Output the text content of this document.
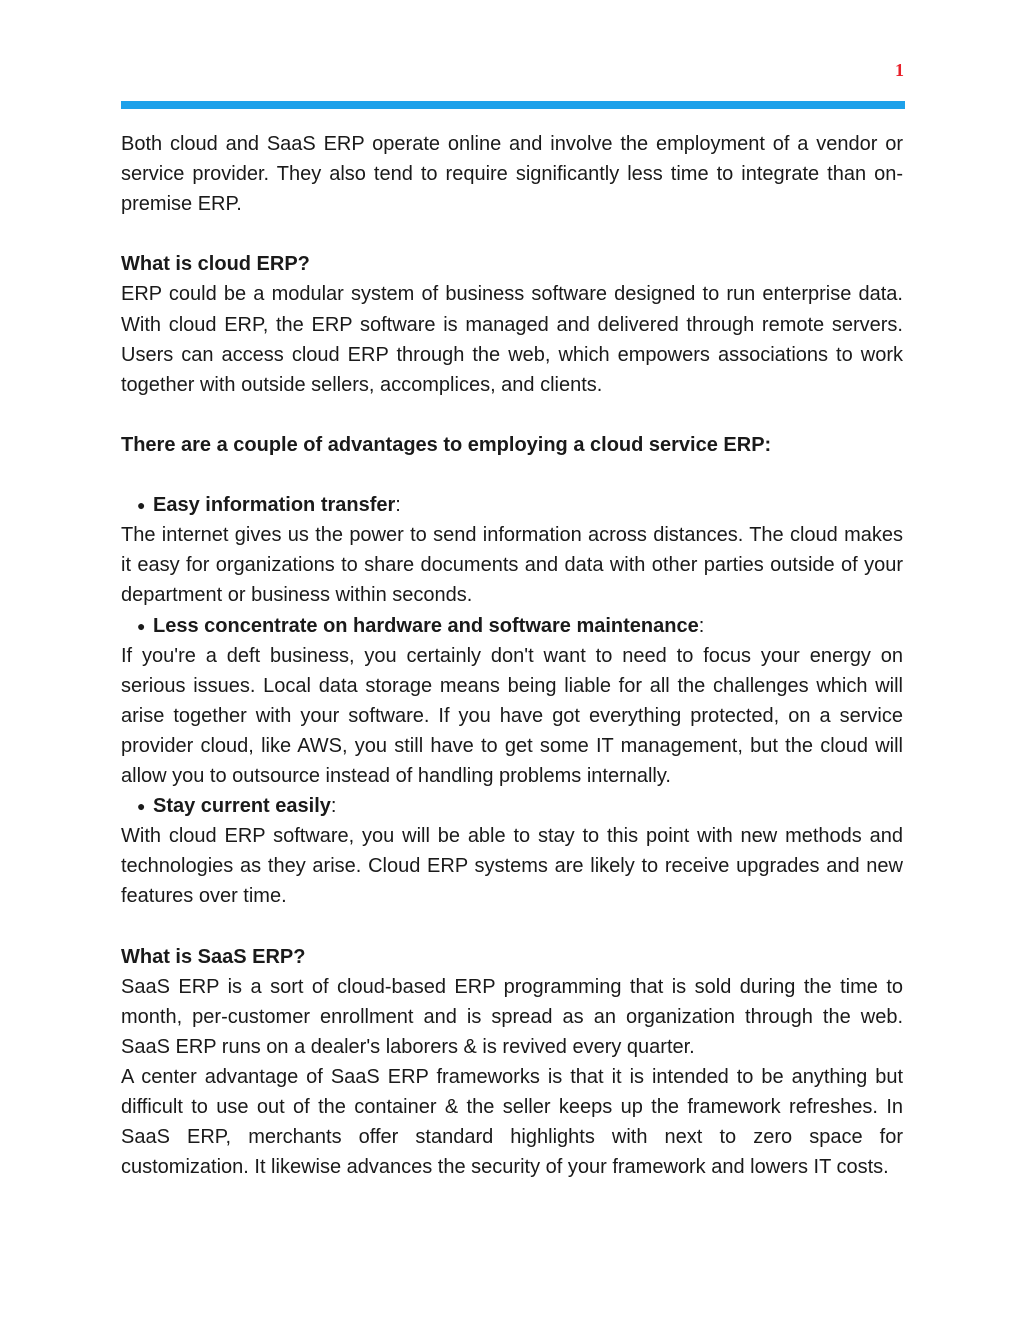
1

Both cloud and SaaS ERP operate online and involve the employment of a vendor or service provider. They also tend to require significantly less time to integrate than on-premise ERP.

What is cloud ERP?

ERP could be a modular system of business software designed to run enterprise data. With cloud ERP, the ERP software is managed and delivered through remote servers. Users can access cloud ERP through the web, which empowers associations to work together with outside sellers, accomplices, and clients.

There are a couple of advantages to employing a cloud service ERP:

● Easy information transfer:

The internet gives us the power to send information across distances. The cloud makes it easy for organizations to share documents and data with other parties outside of your department or business within seconds.

● Less concentrate on hardware and software maintenance:

If you're a deft business, you certainly don't want to need to focus your energy on serious issues. Local data storage means being liable for all the challenges which will arise together with your software. If you have got everything protected, on a service provider cloud, like AWS, you still have to get some IT management, but the cloud will allow you to outsource instead of handling problems internally.

● Stay current easily:

With cloud ERP software, you will be able to stay to this point with new methods and technologies as they arise. Cloud ERP systems are likely to receive upgrades and new features over time.

What is SaaS ERP?

SaaS ERP is a sort of cloud-based ERP programming that is sold during the time to month, per-customer enrollment and is spread as an organization through the web. SaaS ERP runs on a dealer's laborers & is revived every quarter.

A center advantage of SaaS ERP frameworks is that it is intended to be anything but difficult to use out of the container & the seller keeps up the framework refreshes. In SaaS ERP, merchants offer standard highlights with next to zero space for customization. It likewise advances the security of your framework and lowers IT costs.
